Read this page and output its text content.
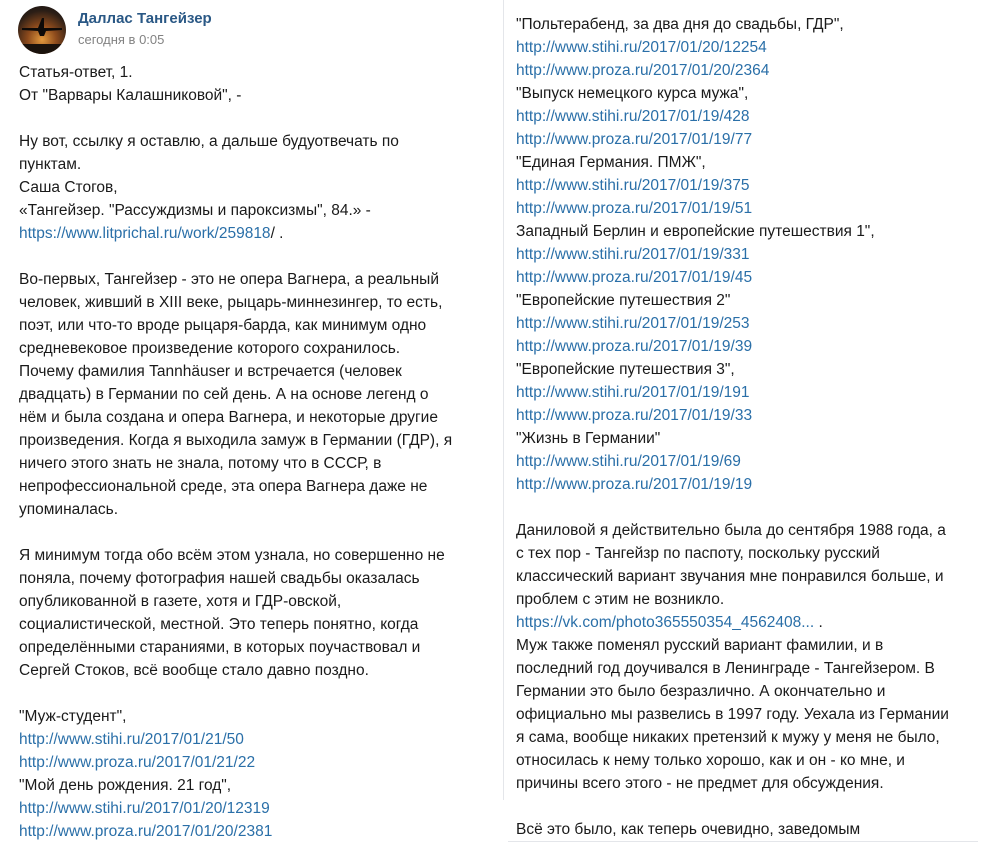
Даллас Тангейзер
сегодня в 0:05
Статья-ответ, 1.
От "Варвары Калашниковой", -
Ну вот, ссылку я оставлю, а дальше будуотвечать по
пунктам.
Саша Стогов,
«Тангейзер. "Рассуждизмы и пароксизмы", 84.» -
https://www.litprichal.ru/work/259818/ .
Во-первых, Тангейзер - это не опера Вагнера, а реальный
человек, живший в XIII веке, рыцарь-миннезингер, то есть,
поэт, или что-то вроде рыцаря-барда, как минимум одно
средневековое произведение которого сохранилось.
Почему фамилия Tannhäuser и встречается (человек
двадцать) в Германии по сей день. А на основе легенд о
нём и была создана и опера Вагнера, и некоторые другие
произведения. Когда я выходила замуж в Германии (ГДР), я
ничего этого знать не знала, потому что в СССР, в
непрофессиональной среде, эта опера Вагнера даже не
упоминалась.
Я минимум тогда обо всём этом узнала, но совершенно не
поняла, почему фотография нашей свадьбы оказалась
опубликованной в газете, хотя и ГДР-овской,
социалистической, местной. Это теперь понятно, когда
определёнными стараниями, в которых поучаствовал и
Сергей Стоков, всё вообще стало давно поздно.
"Муж-студент",
http://www.stihi.ru/2017/01/21/50
http://www.proza.ru/2017/01/21/22
"Мой день рождения. 21 год",
http://www.stihi.ru/2017/01/20/12319
http://www.proza.ru/2017/01/20/2381
"Польтерабенд, за два дня до свадьбы, ГДР",
http://www.stihi.ru/2017/01/20/12254
http://www.proza.ru/2017/01/20/2364
"Выпуск немецкого курса мужа",
http://www.stihi.ru/2017/01/19/428
http://www.proza.ru/2017/01/19/77
"Единая Германия. ПМЖ",
http://www.stihi.ru/2017/01/19/375
http://www.proza.ru/2017/01/19/51
Западный Берлин и европейские путешествия 1",
http://www.stihi.ru/2017/01/19/331
http://www.proza.ru/2017/01/19/45
"Европейские путешествия 2"
http://www.stihi.ru/2017/01/19/253
http://www.proza.ru/2017/01/19/39
"Европейские путешествия 3",
http://www.stihi.ru/2017/01/19/191
http://www.proza.ru/2017/01/19/33
"Жизнь в Германии"
http://www.stihi.ru/2017/01/19/69
http://www.proza.ru/2017/01/19/19
Даниловой я действительно была до сентября 1988 года, а
с тех пор - Тангейзр по паспоту, поскольку русский
классический вариант звучания мне понравился больше, и
проблем с этим не возникло.
https://vk.com/photo365550354_4562408... .
Муж также поменял русский вариант фамилии, и в
последний год доучивался в Ленинграде - Тангейзером. В
Германии это было безразлично. А окончательно и
официально мы развелись в 1997 году. Уехала из Германии
я сама, вообще никаких претензий к мужу у меня не было,
относилась к нему только хорошо, как и он - ко мне, и
причины всего этого - не предмет для обсуждения.
Всё это было, как теперь очевидно, заведомым
